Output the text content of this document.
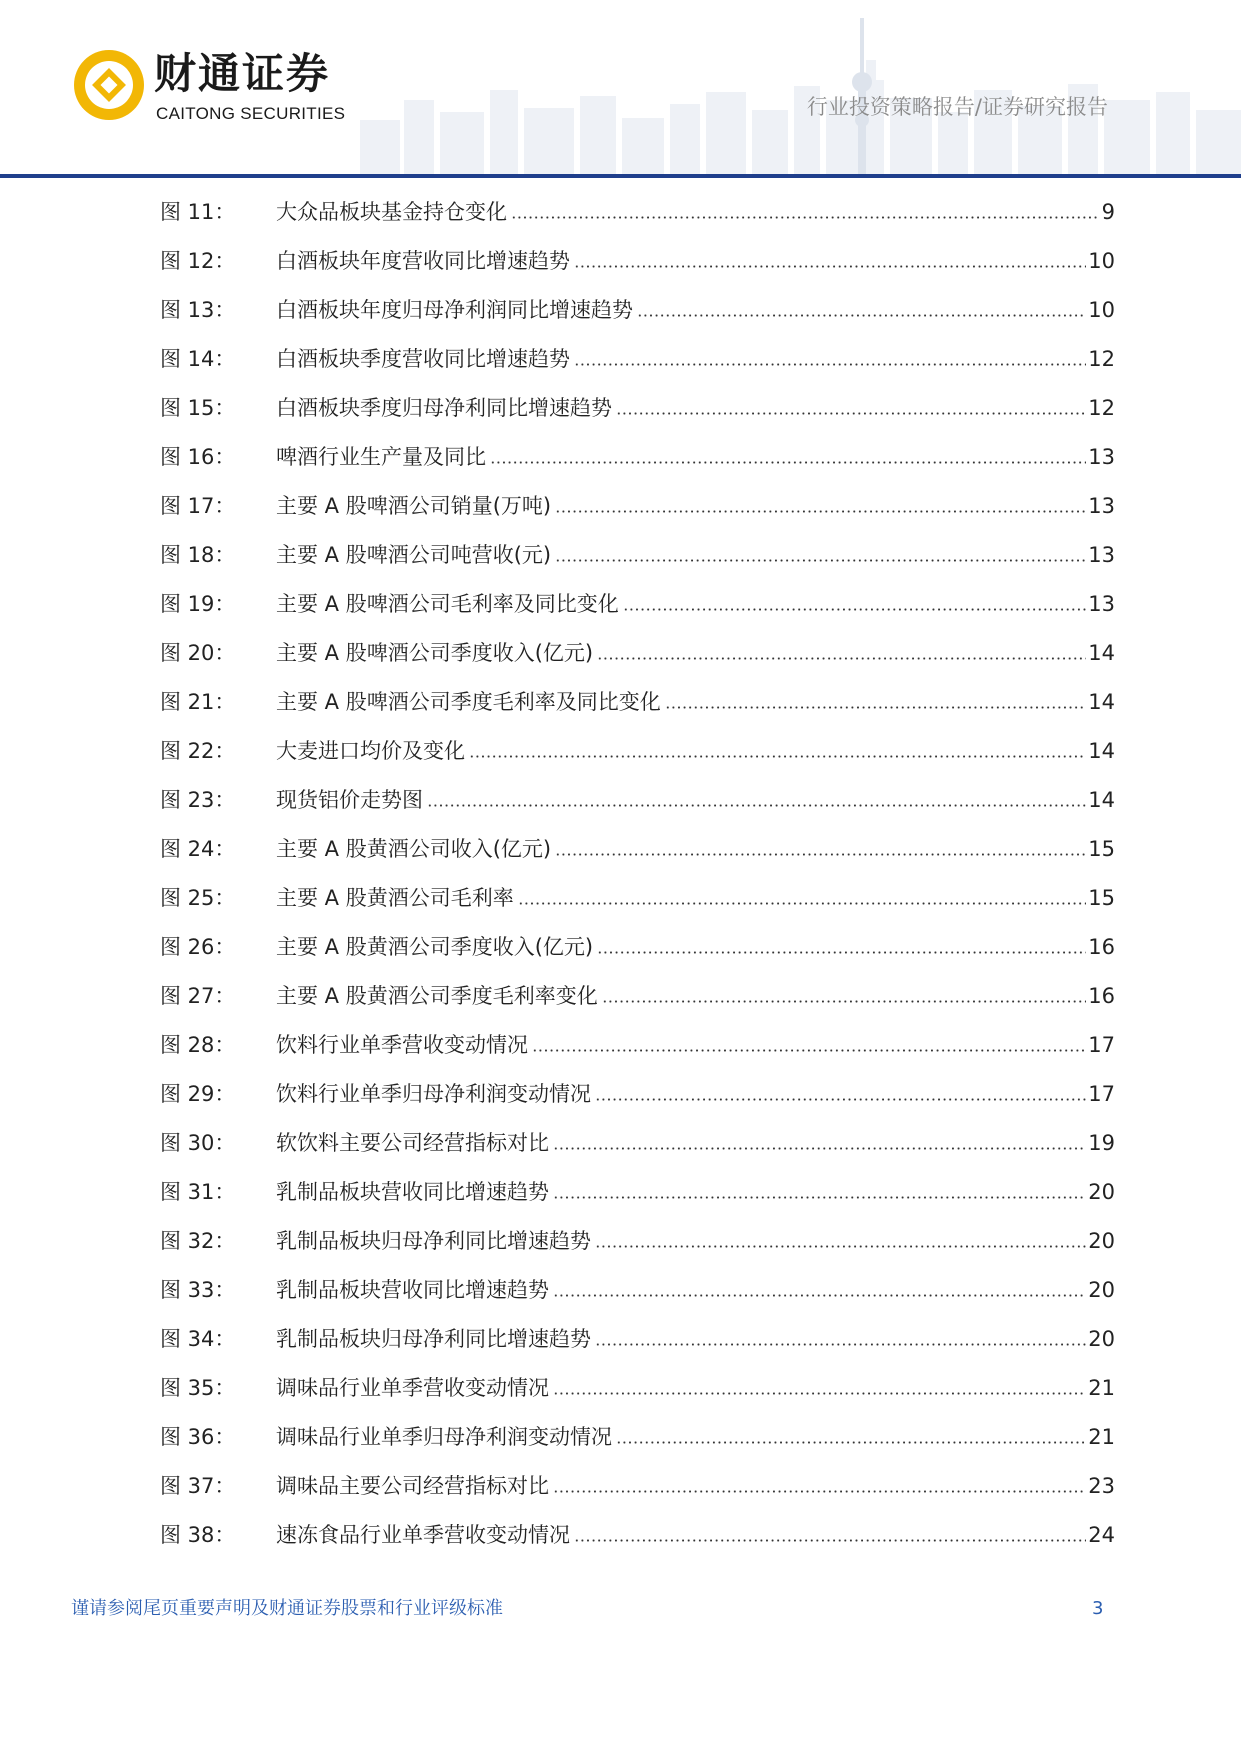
财通证券
CAITONG SECURITIES	行业投资策略报告/证券研究报告
图 11：	大众品板块基金持仓变化	9
图 12：	白酒板块年度营收同比增速趋势	10
图 13：	白酒板块年度归母净利润同比增速趋势	10
图 14：	白酒板块季度营收同比增速趋势	12
图 15：	白酒板块季度归母净利同比增速趋势	12
图 16：	啤酒行业生产量及同比	13
图 17：	主要 A 股啤酒公司销量(万吨)	13
图 18：	主要 A 股啤酒公司吨营收(元)	13
图 19：	主要 A 股啤酒公司毛利率及同比变化	13
图 20：	主要 A 股啤酒公司季度收入(亿元)	14
图 21：	主要 A 股啤酒公司季度毛利率及同比变化	14
图 22：	大麦进口均价及变化	14
图 23：	现货铝价走势图	14
图 24：	主要 A 股黄酒公司收入(亿元)	15
图 25：	主要 A 股黄酒公司毛利率	15
图 26：	主要 A 股黄酒公司季度收入(亿元)	16
图 27：	主要 A 股黄酒公司季度毛利率变化	16
图 28：	饮料行业单季营收变动情况	17
图 29：	饮料行业单季归母净利润变动情况	17
图 30：	软饮料主要公司经营指标对比	19
图 31：	乳制品板块营收同比增速趋势	20
图 32：	乳制品板块归母净利同比增速趋势	20
图 33：	乳制品板块营收同比增速趋势	20
图 34：	乳制品板块归母净利同比增速趋势	20
图 35：	调味品行业单季营收变动情况	21
图 36：	调味品行业单季归母净利润变动情况	21
图 37：	调味品主要公司经营指标对比	23
图 38：	速冻食品行业单季营收变动情况	24
谨请参阅尾页重要声明及财通证券股票和行业评级标准	3
